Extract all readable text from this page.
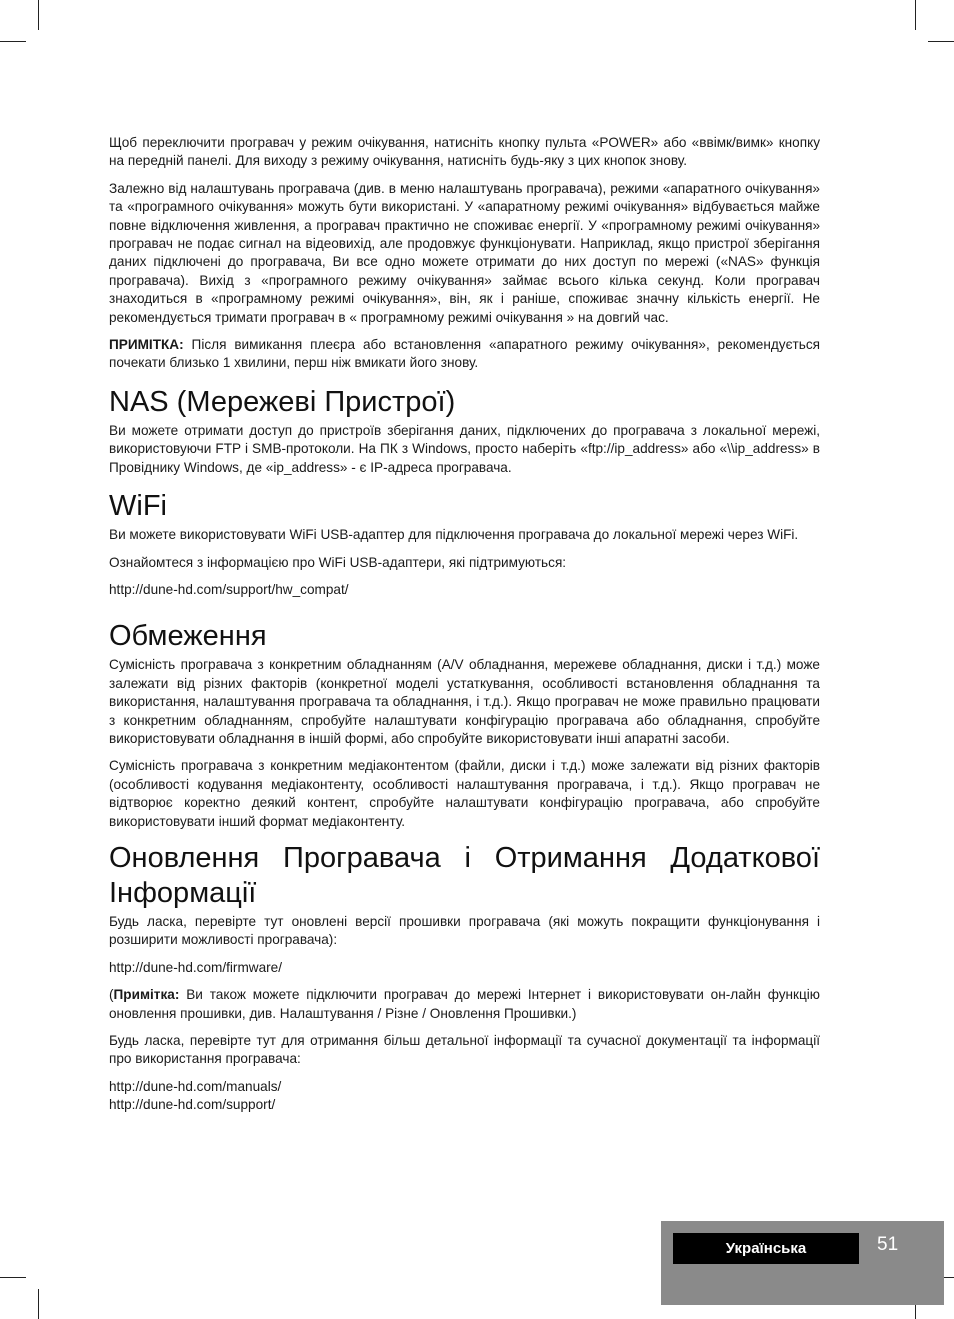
Щоб переключити програвач у режим очікування, натисніть кнопку пульта «POWER» або «ввімк/вимк» кнопку на передній панелі. Для виходу з режиму очікування, натисніть будь-яку з цих кнопок знову.

Залежно від налаштувань програвача (див. в меню налаштувань програвача), режими «апаратного очікування» та «програмного очікування» можуть бути використані. У «апаратному режимі очікування» відбувається майже повне відключення живлення, а програвач практично не споживає енергії. У «програмному режимі очікування» програвач не подає сигнал на відеовихід, але продовжує функціонувати. Наприклад, якщо пристрої зберігання даних підключені до програвача, Ви все одно можете отримати до них доступ по мережі («NAS» функція програвача). Вихід з «програмного режиму очікування» займає всього кілька секунд. Коли програвач знаходиться в «програмному режимі очікування», він, як і раніше, споживає значну кількість енергії. Не рекомендується тримати програвач в « програмному режимі очікування » на довгий час.

ПРИМІТКА: Після вимикання плеєра або встановлення «апаратного режиму очікування», рекомендується почекати близько 1 хвилини, перш ніж вмикати його знову.

NAS (Мережеві Пристрої)

Ви можете отримати доступ до пристроїв зберігання даних, підключених до програвача з локальної мережі, використовуючи FTP і SMB-протоколи. На ПК з Windows, просто наберіть «ftp://ip_address» або «\\ip_address» в Провіднику Windows, де «ip_address» - є IP-адреса програвача.

WiFi

Ви можете використовувати WiFi USB-адаптер для підключення програвача до локальної мережі через WiFi.

Ознайомтеся з інформацією про WiFi USB-адаптери, які підтримуються:

http://dune-hd.com/support/hw_compat/

Обмеження

Сумісність програвача з конкретним обладнанням (A/V обладнання, мережеве обладнання, диски і т.д.) може залежати від різних факторів (конкретної моделі устаткування, особливості встановлення обладнання та використання, налаштування програвача та обладнання, і т.д.). Якщо програвач не може правильно працювати з конкретним обладнанням, спробуйте налаштувати конфігурацію програвача або обладнання, спробуйте використовувати обладнання в іншій формі, або спробуйте використовувати інші апаратні засоби.

Сумісність програвача з конкретним медіаконтентом (файли, диски і т.д.) може залежати від різних факторів (особливості кодування медіаконтенту, особливості налаштування програвача, і т.д.). Якщо програвач не відтворює коректно деякий контент, спробуйте налаштувати конфігурацію програвача, або спробуйте використовувати інший формат медіаконтенту.

Оновлення Програвача і Отримання Додаткової Інформації

Будь ласка, перевірте тут оновлені версії прошивки програвача (які можуть покращити функціонування і розширити можливості програвача):

http://dune-hd.com/firmware/

(Примітка: Ви також можете підключити програвач до мережі Інтернет і використовувати он-лайн функцію оновлення прошивки, див. Налаштування / Різне / Оновлення Прошивки.)

Будь ласка, перевірте тут для отримання більш детальної інформації та сучасної документації та інформації про використання програвача:

http://dune-hd.com/manuals/

http://dune-hd.com/support/

Українська	51
